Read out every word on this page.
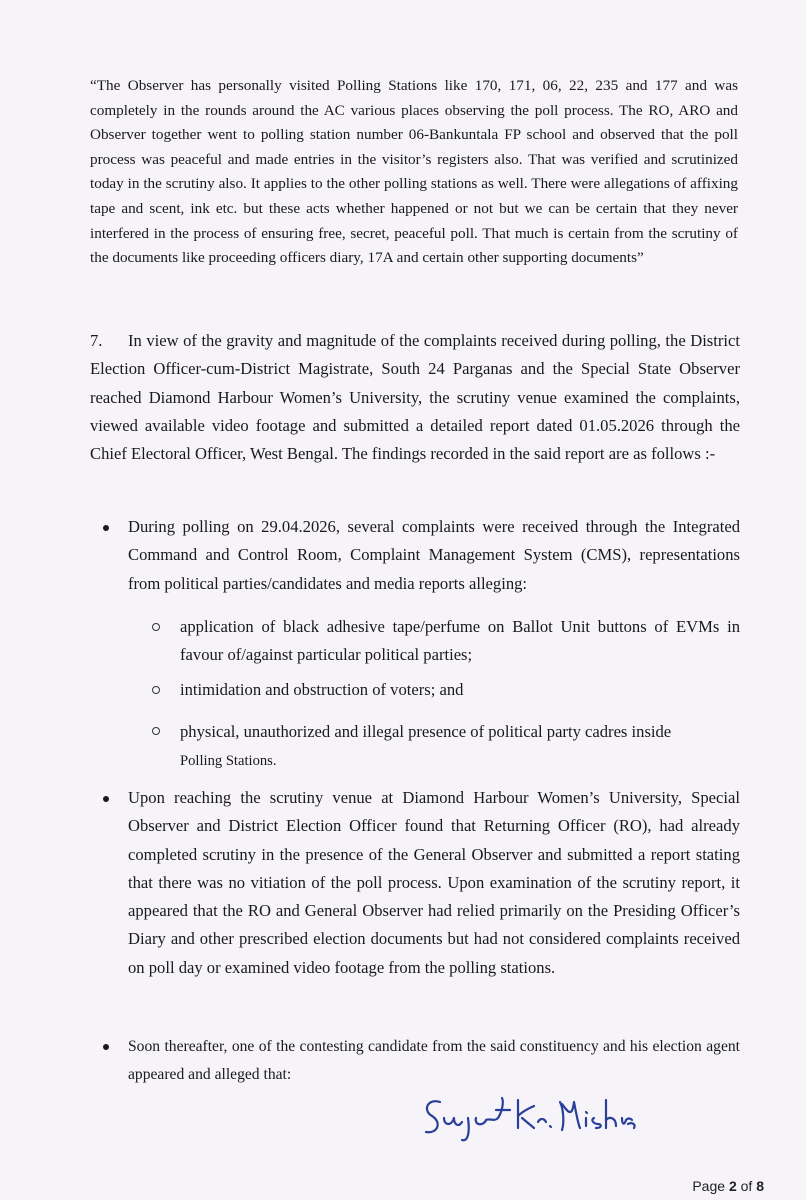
“The Observer has personally visited Polling Stations like 170, 171, 06, 22, 235 and 177 and was completely in the rounds around the AC various places observing the poll process. The RO, ARO and Observer together went to polling station number 06-Bankuntala FP school and observed that the poll process was peaceful and made entries in the visitor’s registers also. That was verified and scrutinized today in the scrutiny also. It applies to the other polling stations as well. There were allegations of affixing tape and scent, ink etc. but these acts whether happened or not but we can be certain that they never interfered in the process of ensuring free, secret, peaceful poll. That much is certain from the scrutiny of the documents like proceeding officers diary, 17A and certain other supporting documents”

7. In view of the gravity and magnitude of the complaints received during polling, the District Election Officer-cum-District Magistrate, South 24 Parganas and the Special State Observer reached Diamond Harbour Women’s University, the scrutiny venue examined the complaints, viewed available video footage and submitted a detailed report dated 01.05.2026 through the Chief Electoral Officer, West Bengal. The findings recorded in the said report are as follows :-

During polling on 29.04.2026, several complaints were received through the Integrated Command and Control Room, Complaint Management System (CMS), representations from political parties/candidates and media reports alleging:

application of black adhesive tape/perfume on Ballot Unit buttons of EVMs in favour of/against particular political parties;

intimidation and obstruction of voters; and

physical, unauthorized and illegal presence of political party cadres inside
Polling Stations.

Upon reaching the scrutiny venue at Diamond Harbour Women’s University, Special Observer and District Election Officer found that Returning Officer (RO), had already completed scrutiny in the presence of the General Observer and submitted a report stating that there was no vitiation of the poll process. Upon examination of the scrutiny report, it appeared that the RO and General Observer had relied primarily on the Presiding Officer’s Diary and other prescribed election documents but had not considered complaints received on poll day or examined video footage from the polling stations.

Soon thereafter, one of the contesting candidate from the said constituency and his election agent appeared and alleged that:

Page 2 of 8
